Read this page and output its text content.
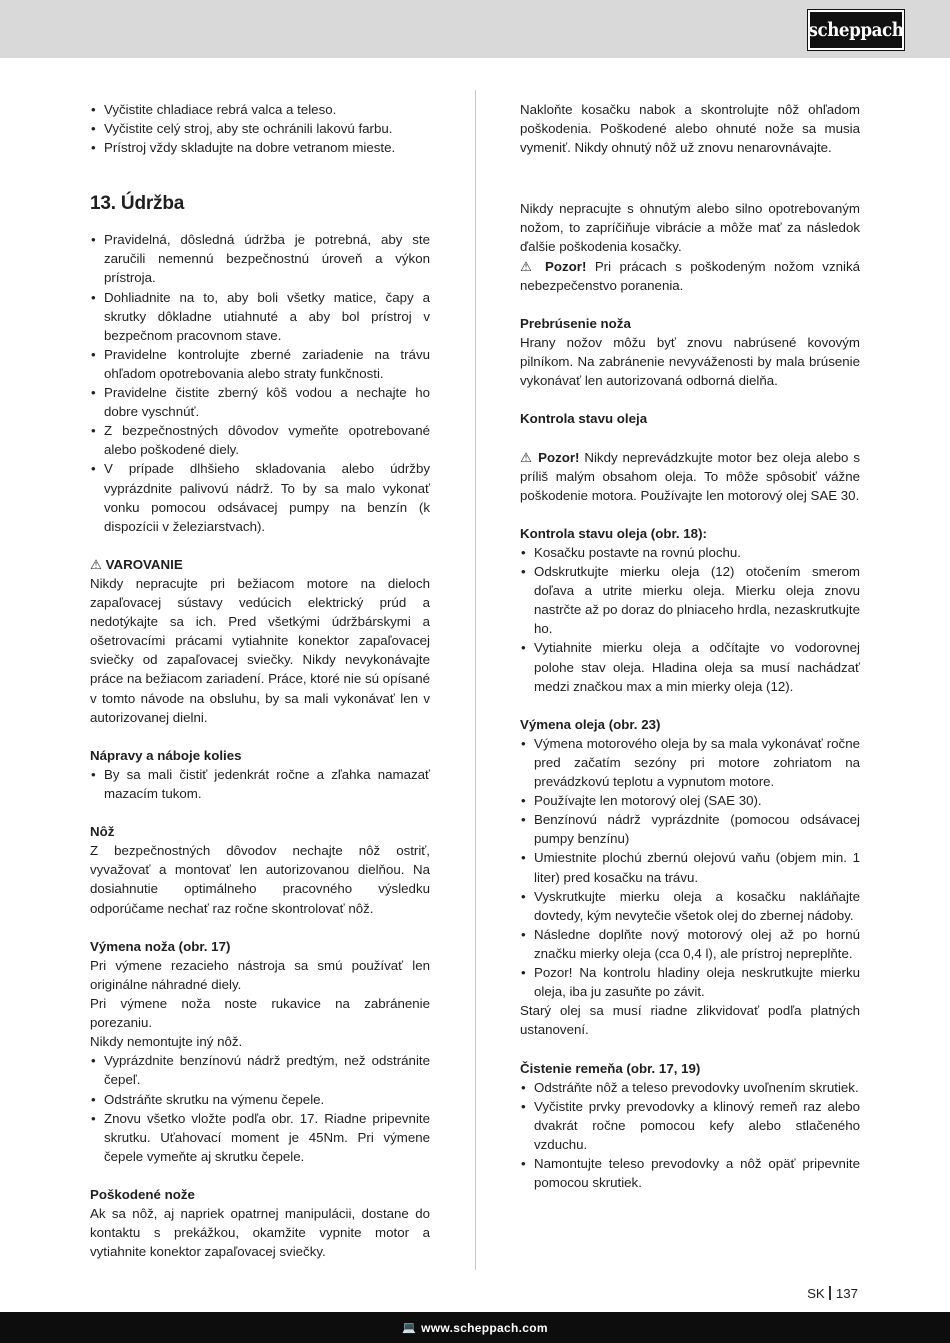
scheppach
• Vyčistite chladiace rebrá valca a teleso.
• Vyčistite celý stroj, aby ste ochránili lakovú farbu.
• Prístroj vždy skladujte na dobre vetranom mieste.
13. Údržba
• Pravidelná, dôsledná údržba je potrebná, aby ste zaručili nemennú bezpečnostnú úroveň a výkon prístroja.
• Dohliadnite na to, aby boli všetky matice, čapy a skrutky dôkladne utiahnuté a aby bol prístroj v bezpečnom pracovnom stave.
• Pravidelne kontrolujte zberné zariadenie na trávu ohľadom opotrebovania alebo straty funkčnosti.
• Pravidelne čistite zberný kôš vodou a nechajte ho dobre vyschnúť.
• Z bezpečnostných dôvodov vymeňte opotrebované alebo poškodené diely.
• V prípade dlhšieho skladovania alebo údržby vyprázdnite palivovú nádrž. To by sa malo vykonať vonku pomocou odsávacej pumpy na benzín (k dispozícii v železiarstvach).
⚠ VAROVANIE

Nikdy nepracujte pri bežiacom motore na dieloch zapaľovacej sústavy vedúcich elektrický prúd a nedotýkajte sa ich. Pred všetkými údržbárskymi a ošetrovacími prácami vytiahnite konektor zapaľovacej sviečky od zapaľovacej sviečky. Nikdy nevykonávajte práce na bežiacom zariadení. Práce, ktoré nie sú opísané v tomto návode na obsluhu, by sa mali vykonávať len v autorizovanej dielni.

Nápravy a náboje kolies
• By sa mali čistiť jedenkrát ročne a zľahka namazať mazacím tukom.
Nôž

Z bezpečnostných dôvodov nechajte nôž ostriť, vyvažovať a montovať len autorizovanou dielňou. Na dosiahnutie optimálneho pracovného výsledku odporúčame nechať raz ročne skontrolovať nôž.

Výmena noža (obr. 17)

Pri výmene rezacieho nástroja sa smú používať len originálne náhradné diely.

Pri výmene noža noste rukavice na zabránenie porezaniu.

Nikdy nemontujte iný nôž.

• Vyprázdnite benzínovú nádrž predtým, než odstránite čepeľ.
• Odstráňte skrutku na výmenu čepele.
• Znovu všetko vložte podľa obr. 17. Riadne pripevnite skrutku. Uťahovací moment je 45Nm. Pri výmene čepele vymeňte aj skrutku čepele.
Poškodené nože

Ak sa nôž, aj napriek opatrnej manipulácii, dostane do kontaktu s prekážkou, okamžite vypnite motor a vytiahnite konektor zapaľovacej sviečky.

Nakloňte kosačku nabok a skontrolujte nôž ohľadom poškodenia. Poškodené alebo ohnuté nože sa musia vymeniť. Nikdy ohnutý nôž už znovu nenarovnávajte.

Nikdy nepracujte s ohnutým alebo silno opotrebovaným nožom, to zapríčiňuje vibrácie a môže mať za následok ďalšie poškodenia kosačky.

⚠ Pozor! Pri prácach s poškodeným nožom vzniká nebezpečenstvo poranenia.

Prebrúsenie noža

Hrany nožov môžu byť znovu nabrúsené kovovým pilníkom. Na zabránenie nevyváženosti by mala brúsenie vykonávať len autorizovaná odborná dielňa.

Kontrola stavu oleja

⚠ Pozor! Nikdy neprevádzkujte motor bez oleja alebo s príliš malým obsahom oleja. To môže spôsobiť vážne poškodenie motora. Používajte len motorový olej SAE 30.

Kontrola stavu oleja (obr. 18):
• Kosačku postavte na rovnú plochu.
• Odskrutkujte mierku oleja (12) otočením smerom doľava a utrite mierku oleja. Mierku oleja znovu nastrčte až po doraz do plniaceho hrdla, nezaskrutkujte ho.
• Vytiahnite mierku oleja a odčítajte vo vodorovnej polohe stav oleja. Hladina oleja sa musí nachádzať medzi značkou max a min mierky oleja (12).
Výmena oleja (obr. 23)
• Výmena motorového oleja by sa mala vykonávať ročne pred začatím sezóny pri motore zohriatom na prevádzkovú teplotu a vypnutom motore.
• Používajte len motorový olej (SAE 30).
• Benzínovú nádrž vyprázdnite (pomocou odsávacej pumpy benzínu)
• Umiestnite plochú zbernú olejovú vaňu (objem min. 1 liter) pred kosačku na trávu.
• Vyskrutkujte mierku oleja a kosačku nakláňajte dovtedy, kým nevytečie všetok olej do zbernej nádoby.
• Následne doplňte nový motorový olej až po hornú značku mierky oleja (cca 0,4 l), ale prístroj nepreplňte.
• Pozor! Na kontrolu hladiny oleja neskrutkujte mierku oleja, iba ju zasuňte po závit.

Starý olej sa musí riadne zlikvidovať podľa platných ustanovení.

Čistenie remeňa (obr. 17, 19)
• Odstráňte nôž a teleso prevodovky uvoľnením skrutiek.
• Vyčistite prvky prevodovky a klinový remeň raz alebo dvakrát ročne pomocou kefy alebo stlačeného vzduchu.
• Namontujte teleso prevodovky a nôž opäť pripevnite pomocou skrutiek.
SK 137
💻 www.scheppach.com
